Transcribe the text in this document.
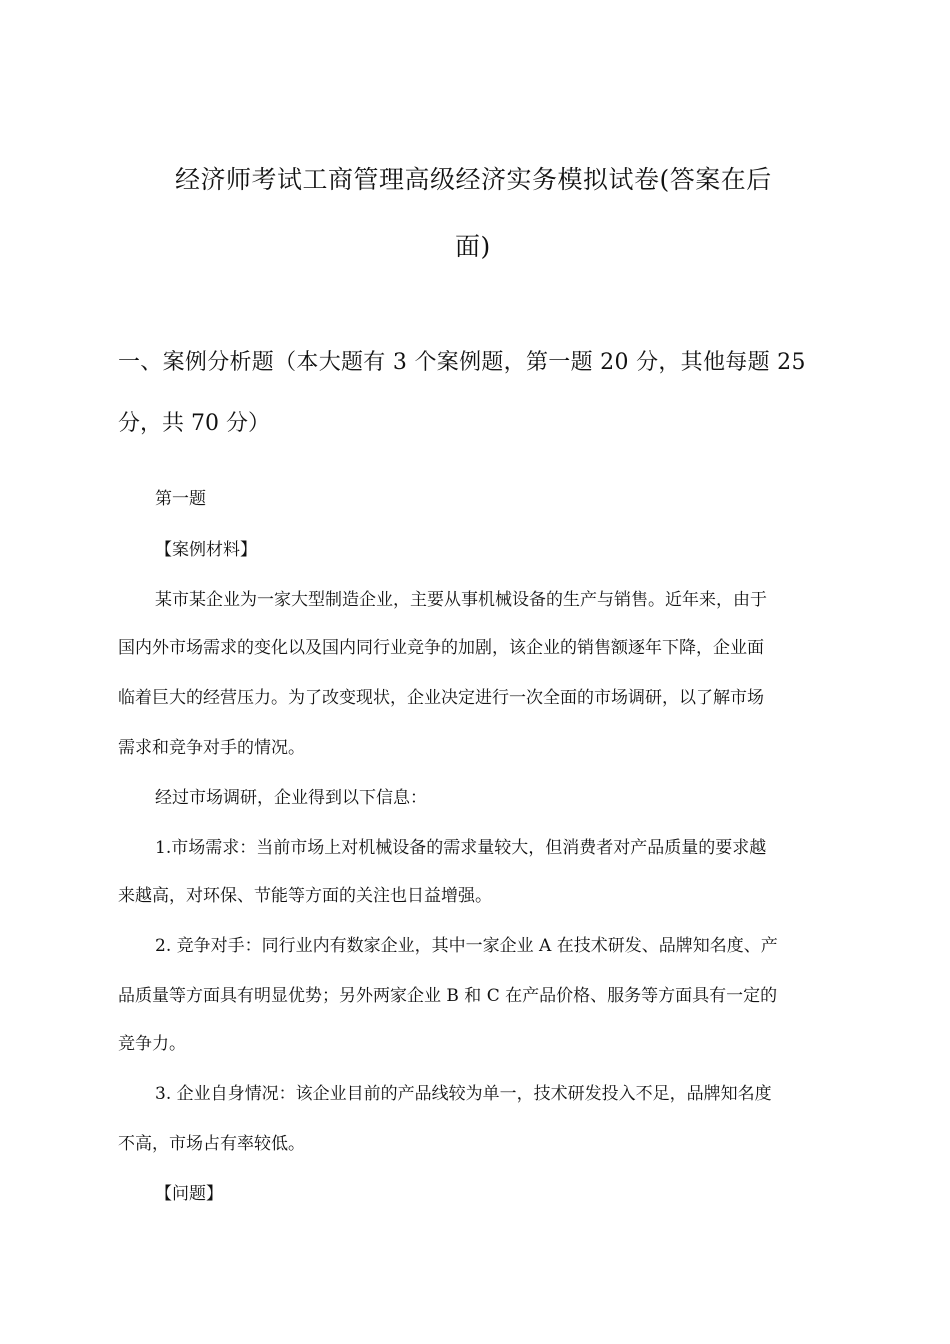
经济师考试工商管理高级经济实务模拟试卷(答案在后
面)
一、案例分析题（本大题有 3 个案例题，第一题 20 分，其他每题 25
分，共 70 分）
第一题
【案例材料】
某市某企业为一家大型制造企业，主要从事机械设备的生产与销售。近年来，由于
国内外市场需求的变化以及国内同行业竞争的加剧，该企业的销售额逐年下降，企业面
临着巨大的经营压力。为了改变现状，企业决定进行一次全面的市场调研，以了解市场
需求和竞争对手的情况。
经过市场调研，企业得到以下信息：
1.市场需求：当前市场上对机械设备的需求量较大，但消费者对产品质量的要求越
来越高，对环保、节能等方面的关注也日益增强。
2. 竞争对手：同行业内有数家企业，其中一家企业 A 在技术研发、品牌知名度、产
品质量等方面具有明显优势；另外两家企业 B 和 C 在产品价格、服务等方面具有一定的
竞争力。
3. 企业自身情况：该企业目前的产品线较为单一，技术研发投入不足，品牌知名度
不高，市场占有率较低。
【问题】
